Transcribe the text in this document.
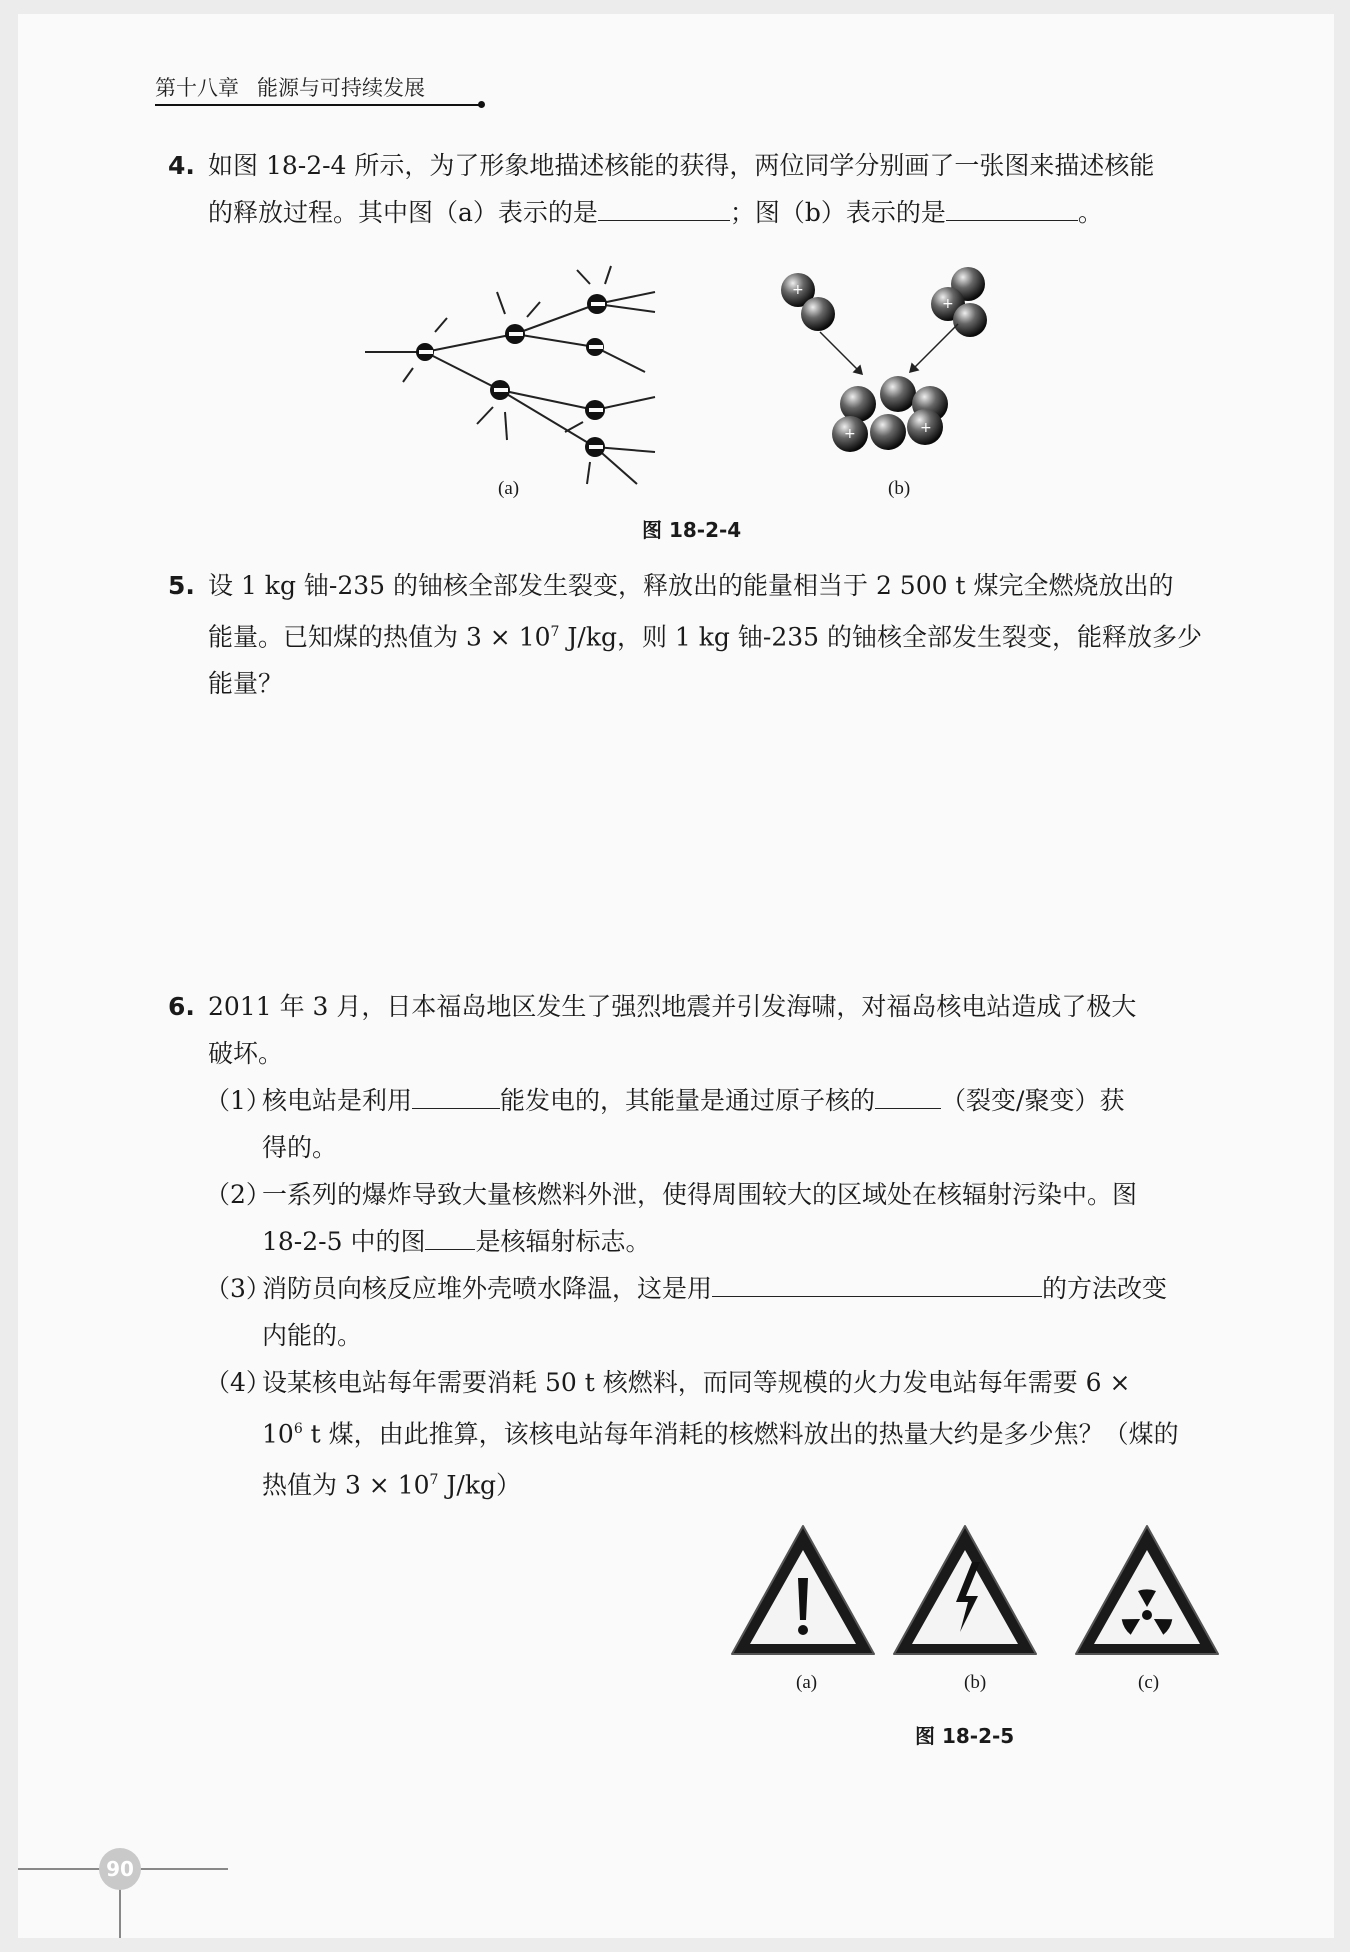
第十八章 能源与可持续发展
4. 如图 18-2-4 所示，为了形象地描述核能的获得，两位同学分别画了一张图来描述核能
的释放过程。其中图（a）表示的是	；图（b）表示的是	。
+
+
+	+
(a)	(b)
图 18-2-4
5. 设 1 kg 铀-235 的铀核全部发生裂变，释放出的能量相当于 2 500 t 煤完全燃烧放出的
能量。已知煤的热值为 $3 \times 10^7$ J/kg，则 1 kg 铀-235 的铀核全部发生裂变，能释放多少
能量？
6. 2011 年 3 月，日本福岛地区发生了强烈地震并引发海啸，对福岛核电站造成了极大
破坏。
（1）
核电站是利用	能发电的，其能量是通过原子核的	（裂变/聚变）获
得的。
（2）
一系列的爆炸导致大量核燃料外泄，使得周围较大的区域处在核辐射污染中。图
18-2-5 中的图 是核辐射标志。
（3）
消防员向核反应堆外壳喷水降温，这是用	的方法改变
内能的。
（4）
设某核电站每年需要消耗 50 t 核燃料，而同等规模的火力发电站每年需要 6 ×
$10^6$ t 煤，由此推算，该核电站每年消耗的核燃料放出的热量大约是多少焦？（煤的
热值为 $3 \times 10^7$ J/kg）
(a)	(b)	(c)
图 18-2-5
90
